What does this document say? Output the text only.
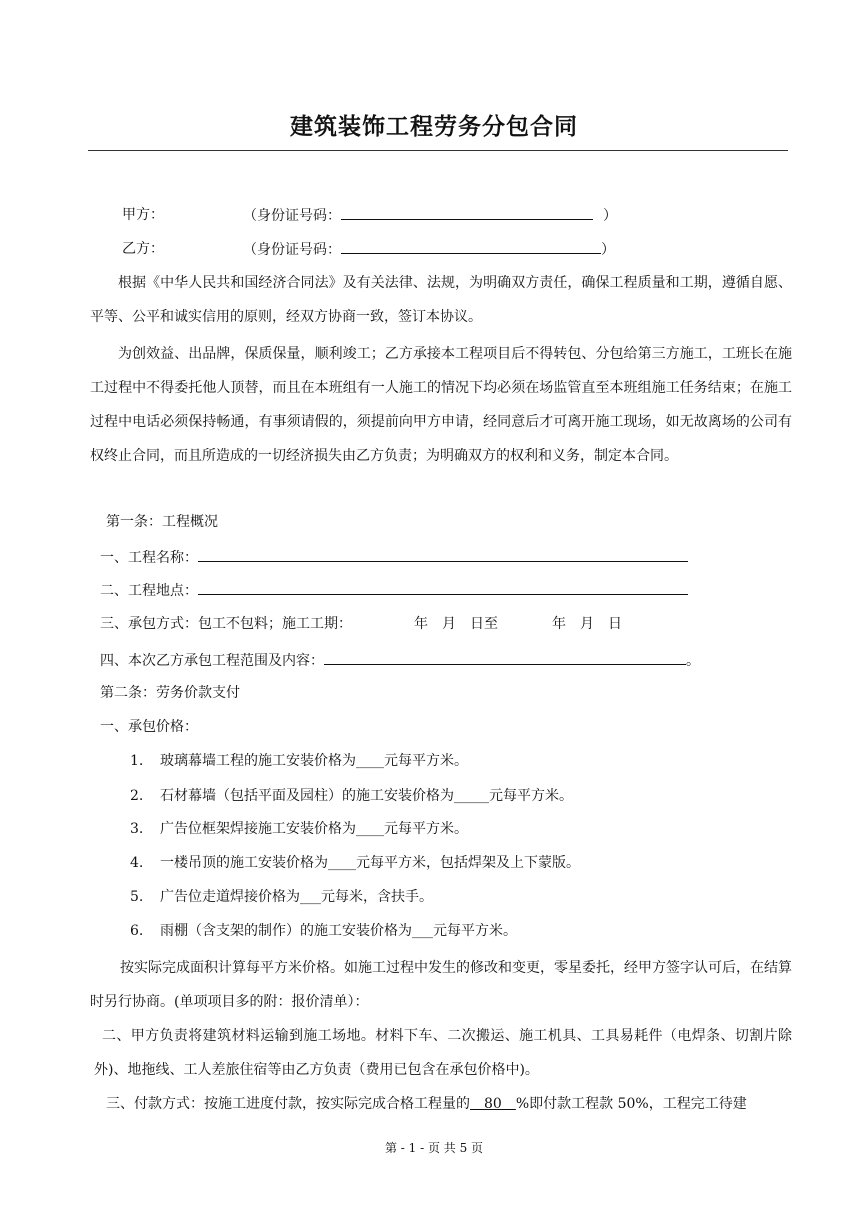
建筑装饰工程劳务分包合同
甲方：	（身份证号码：	）
乙方：	（身份证号码：	）
根据《中华人民共和国经济合同法》及有关法律、法规，为明确双方责任，确保工程质量和工期，遵循自愿、平等、公平和诚实信用的原则，经双方协商一致，签订本协议。
为创效益、出品牌，保质保量，顺利竣工；乙方承接本工程项目后不得转包、分包给第三方施工，工班长在施工过程中不得委托他人顶替，而且在本班组有一人施工的情况下均必须在场监管直至本班组施工任务结束；在施工过程中电话必须保持畅通，有事须请假的，须提前向甲方申请，经同意后才可离开施工现场，如无故离场的公司有权终止合同，而且所造成的一切经济损失由乙方负责；为明确双方的权利和义务，制定本合同。
第一条：工程概况
一、工程名称：
二、工程地点：
三、承包方式：包工不包料；施工工期：	年　月　日至	年　月　日
四、本次乙方承包工程范围及内容：	。
第二条：劳务价款支付
一、承包价格：
1. 玻璃幕墙工程的施工安装价格为____元每平方米。
2. 石材幕墙（包括平面及园柱）的施工安装价格为_____元每平方米。
3. 广告位框架焊接施工安装价格为____元每平方米。
4. 一楼吊顶的施工安装价格为____元每平方米，包括焊架及上下蒙版。
5. 广告位走道焊接价格为___元每米，含扶手。
6. 雨棚（含支架的制作）的施工安装价格为___元每平方米。
按实际完成面积计算每平方米价格。如施工过程中发生的修改和变更，零星委托，经甲方签字认可后，在结算时另行协商。(单项项目多的附：报价清单）：
二、甲方负责将建筑材料运输到施工场地。材料下车、二次搬运、施工机具、工具易耗件（电焊条、切割片除外)、地拖线、工人差旅住宿等由乙方负责（费用已包含在承包价格中)。
三、付款方式：按施工进度付款，按实际完成合格工程量的　80　%即付款工程款 50%，工程完工待建
第 - 1 - 页 共 5 页
